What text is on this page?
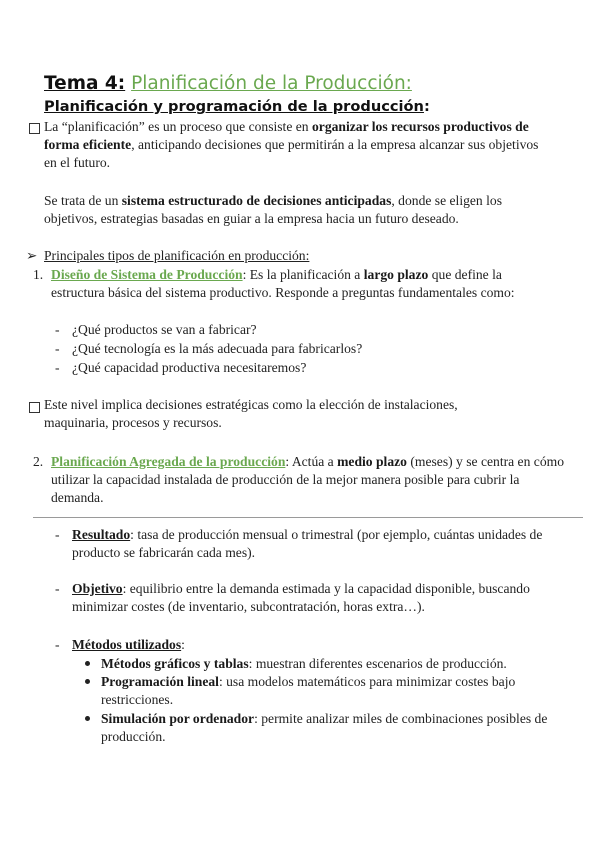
Tema 4: Planificación de la Producción:
Planificación y programación de la producción:
La “planificación” es un proceso que consiste en organizar los recursos productivos de forma eficiente, anticipando decisiones que permitirán a la empresa alcanzar sus objetivos en el futuro.
Se trata de un sistema estructurado de decisiones anticipadas, donde se eligen los objetivos, estrategias basadas en guiar a la empresa hacia un futuro deseado.
➢ Principales tipos de planificación en producción:
1. Diseño de Sistema de Producción: Es la planificación a largo plazo que define la estructura básica del sistema productivo. Responde a preguntas fundamentales como:
- ¿Qué productos se van a fabricar?
- ¿Qué tecnología es la más adecuada para fabricarlos?
- ¿Qué capacidad productiva necesitaremos?
Este nivel implica decisiones estratégicas como la elección de instalaciones, maquinaria, procesos y recursos.
2. Planificación Agregada de la producción: Actúa a medio plazo (meses) y se centra en cómo utilizar la capacidad instalada de producción de la mejor manera posible para cubrir la demanda.
- Resultado: tasa de producción mensual o trimestral (por ejemplo, cuántas unidades de producto se fabricarán cada mes).
- Objetivo: equilibrio entre la demanda estimada y la capacidad disponible, buscando minimizar costes (de inventario, subcontratación, horas extra…).
- Métodos utilizados:
Métodos gráficos y tablas: muestran diferentes escenarios de producción.
Programación lineal: usa modelos matemáticos para minimizar costes bajo restricciones.
Simulación por ordenador: permite analizar miles de combinaciones posibles de producción.
